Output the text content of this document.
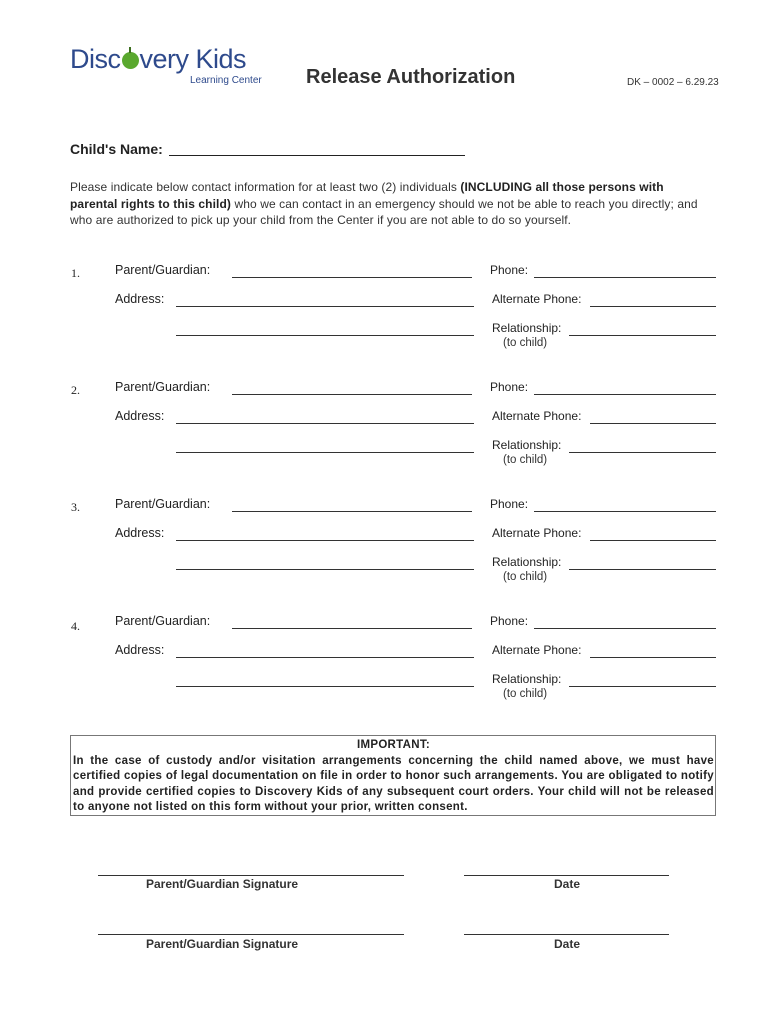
Disc very Kids
Learning Center Release Authorization	DK – 0002 – 6.29.23
Child's Name:
Please indicate below contact information for at least two (2) individuals (INCLUDING all those persons with parental rights to this child) who we can contact in an emergency should we not be able to reach you directly; and who are authorized to pick up your child from the Center if you are not able to do so yourself.
1.	Parent/Guardian:	Phone:
Address:	Alternate Phone:
Relationship:
(to child)
2.	Parent/Guardian:	Phone:
Address:	Alternate Phone:
Relationship:
(to child)
3.	Parent/Guardian:	Phone:
Address:	Alternate Phone:
Relationship:
(to child)
4.	Parent/Guardian:	Phone:
Address:	Alternate Phone:
Relationship:
(to child)
IMPORTANT:
In the case of custody and/or visitation arrangements concerning the child named above, we must have certified copies of legal documentation on file in order to honor such arrangements. You are obligated to notify and provide certified copies to Discovery Kids of any subsequent court orders. Your child will not be released to anyone not listed on this form without your prior, written consent.
Parent/Guardian Signature	Date
Parent/Guardian Signature	Date
